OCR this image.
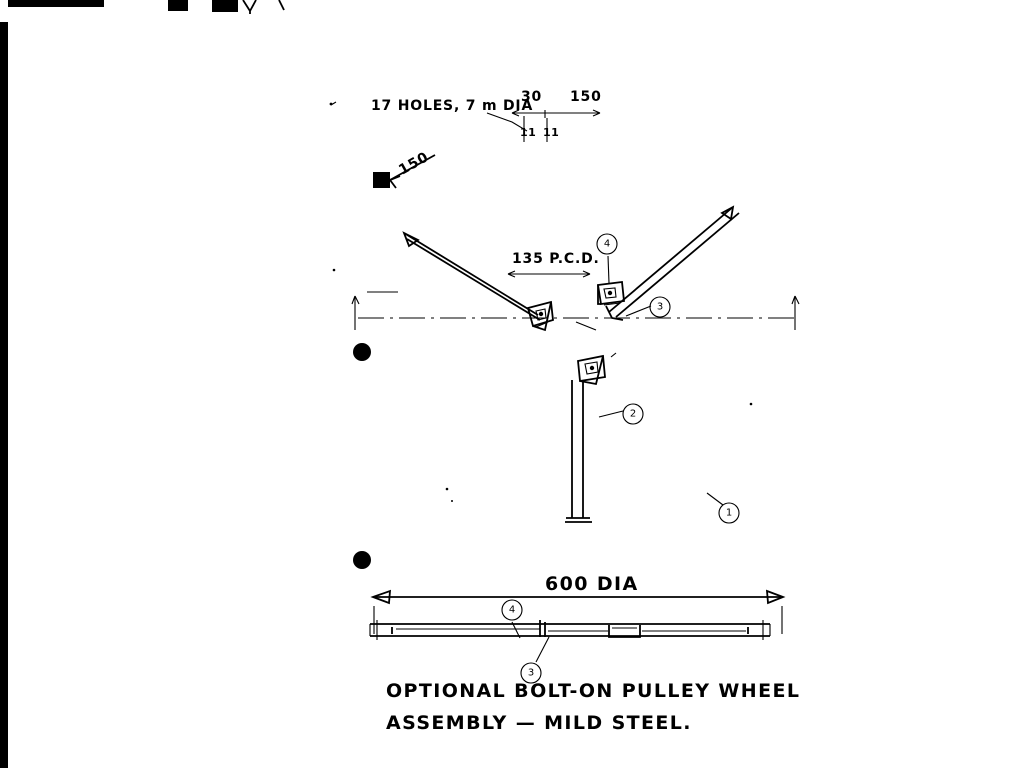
17 HOLES, 7 m DIA
30 150
11 11
150
135 P.C.D.
600 DIA
1
2
3
4
4
3
OPTIONAL BOLT-ON PULLEY WHEEL
ASSEMBLY — MILD STEEL.
